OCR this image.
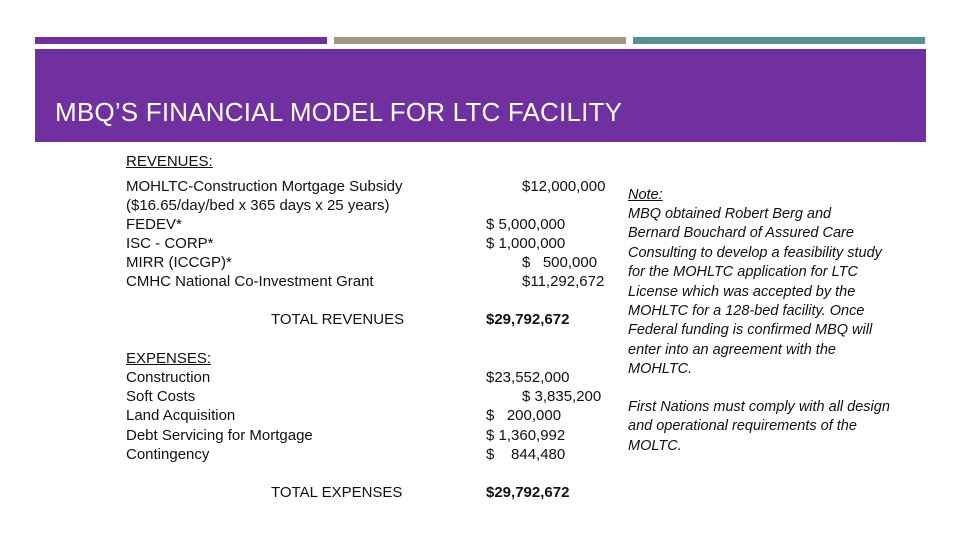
MBQ’S FINANCIAL MODEL FOR LTC FACILITY
REVENUES:
MOHLTC-Construction Mortgage Subsidy
($16.65/day/bed x 365 days x 25 years)
FEDEV*
ISC - CORP*
MIRR (ICCGP)*
CMHC National Co-Investment Grant
$12,000,000
$ 5,000,000
$ 1,000,000
$   500,000
$11,292,672
TOTAL REVENUES	$29,792,672
EXPENSES:
Construction
Soft Costs
Land Acquisition
Debt Servicing for Mortgage
Contingency
$23,552,000
$ 3,835,200
$   200,000
$ 1,360,992
$    844,480
TOTAL EXPENSES	$29,792,672
Note:
MBQ obtained Robert Berg and
Bernard Bouchard of Assured Care
Consulting to develop a feasibility study
for the MOHLTC application for LTC
License which was accepted by the
MOHLTC for a 128-bed facility. Once
Federal funding is confirmed MBQ will
enter into an agreement with the
MOHLTC.
First Nations must comply with all design
and operational requirements of the
MOLTC.
